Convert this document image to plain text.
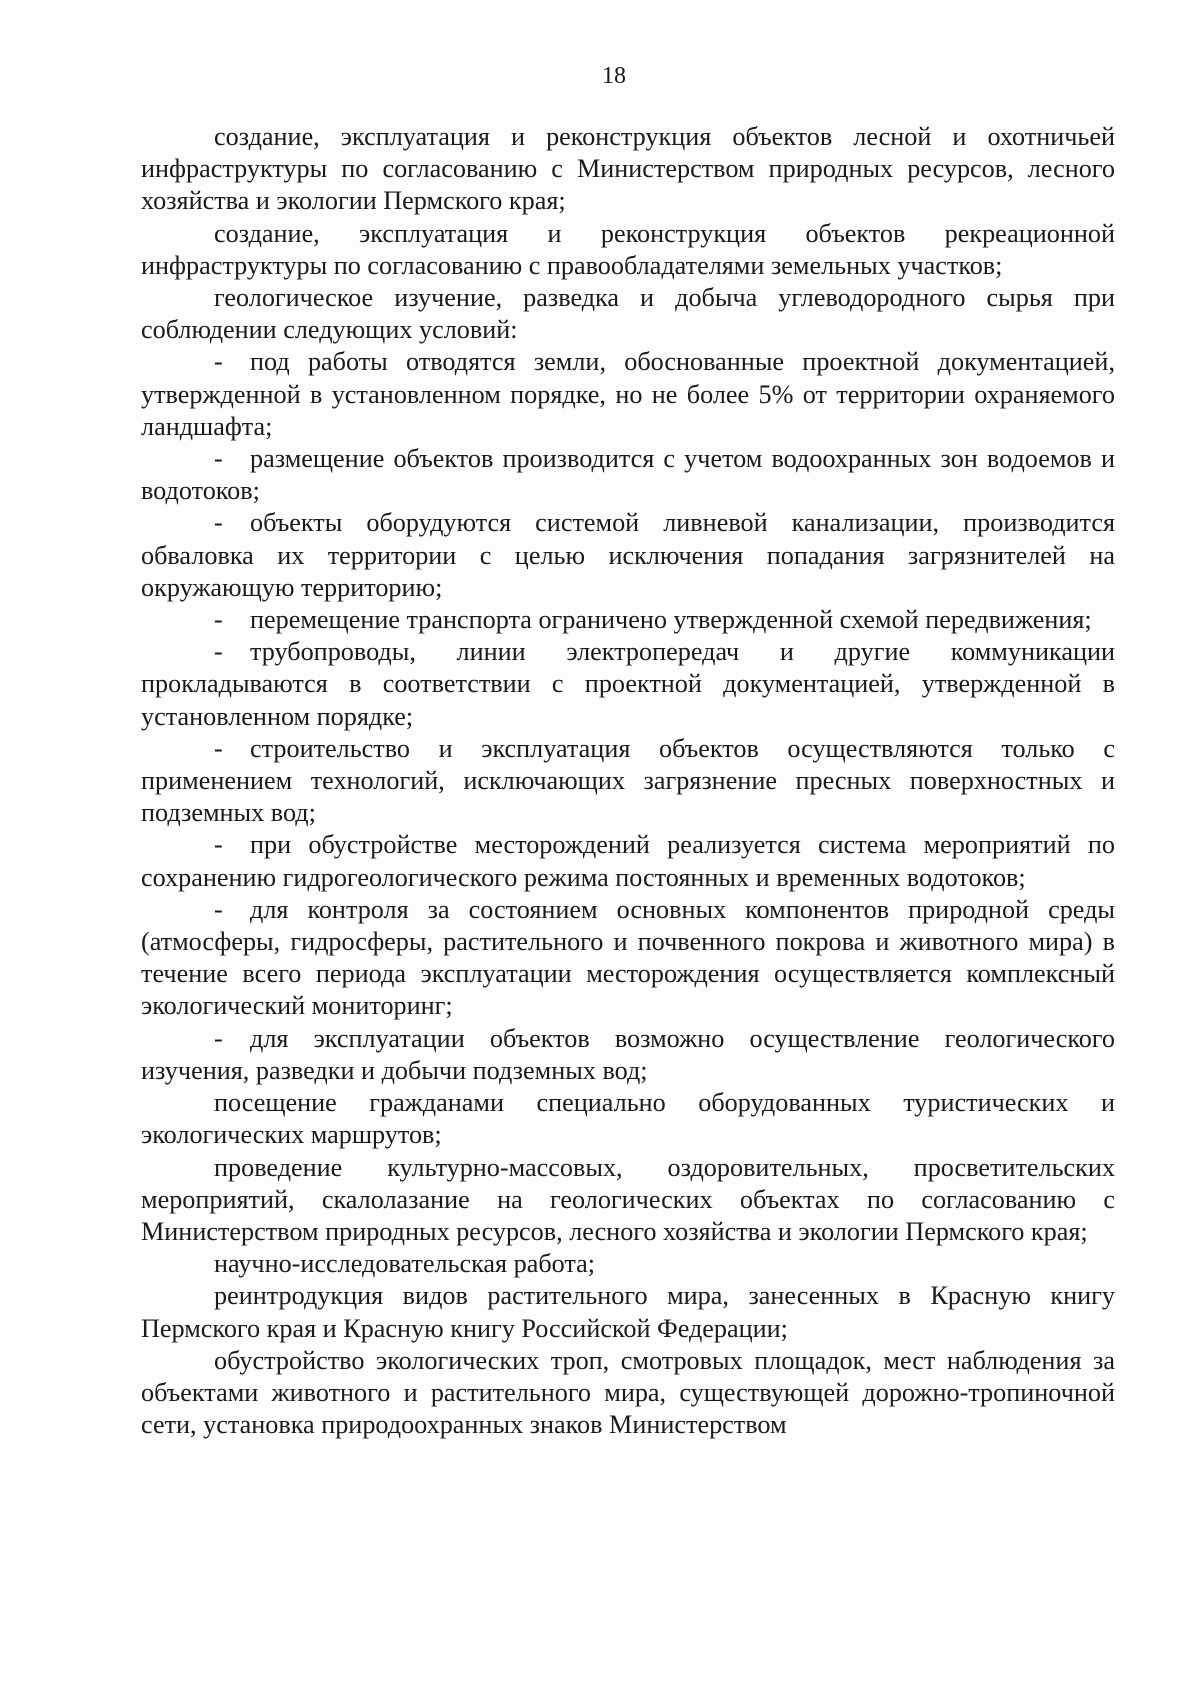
18

создание, эксплуатация и реконструкция объектов лесной и охотничьей инфраструктуры по согласованию с Министерством природных ресурсов, лесного хозяйства и экологии Пермского края;

создание, эксплуатация и реконструкция объектов рекреационной инфраструктуры по согласованию с правообладателями земельных участков;

геологическое изучение, разведка и добыча углеводородного сырья при соблюдении следующих условий:

- под работы отводятся земли, обоснованные проектной документацией, утвержденной в установленном порядке, но не более 5% от территории охраняемого ландшафта;

- размещение объектов производится с учетом водоохранных зон водоемов и водотоков;

- объекты оборудуются системой ливневой канализации, производится обваловка их территории с целью исключения попадания загрязнителей на окружающую территорию;

- перемещение транспорта ограничено утвержденной схемой передвижения;

- трубопроводы, линии электропередач и другие коммуникации прокладываются в соответствии с проектной документацией, утвержденной в установленном порядке;

- строительство и эксплуатация объектов осуществляются только с применением технологий, исключающих загрязнение пресных поверхностных и подземных вод;

- при обустройстве месторождений реализуется система мероприятий по сохранению гидрогеологического режима постоянных и временных водотоков;

- для контроля за состоянием основных компонентов природной среды (атмосферы, гидросферы, растительного и почвенного покрова и животного мира) в течение всего периода эксплуатации месторождения осуществляется комплексный экологический мониторинг;

- для эксплуатации объектов возможно осуществление геологического изучения, разведки и добычи подземных вод;

посещение гражданами специально оборудованных туристических и экологических маршрутов;

проведение культурно-массовых, оздоровительных, просветительских мероприятий, скалолазание на геологических объектах по согласованию с Министерством природных ресурсов, лесного хозяйства и экологии Пермского края;

научно-исследовательская работа;

реинтродукция видов растительного мира, занесенных в Красную книгу Пермского края и Красную книгу Российской Федерации;

обустройство экологических троп, смотровых площадок, мест наблюдения за объектами животного и растительного мира, существующей дорожно-тропиночной сети, установка природоохранных знаков Министерством
